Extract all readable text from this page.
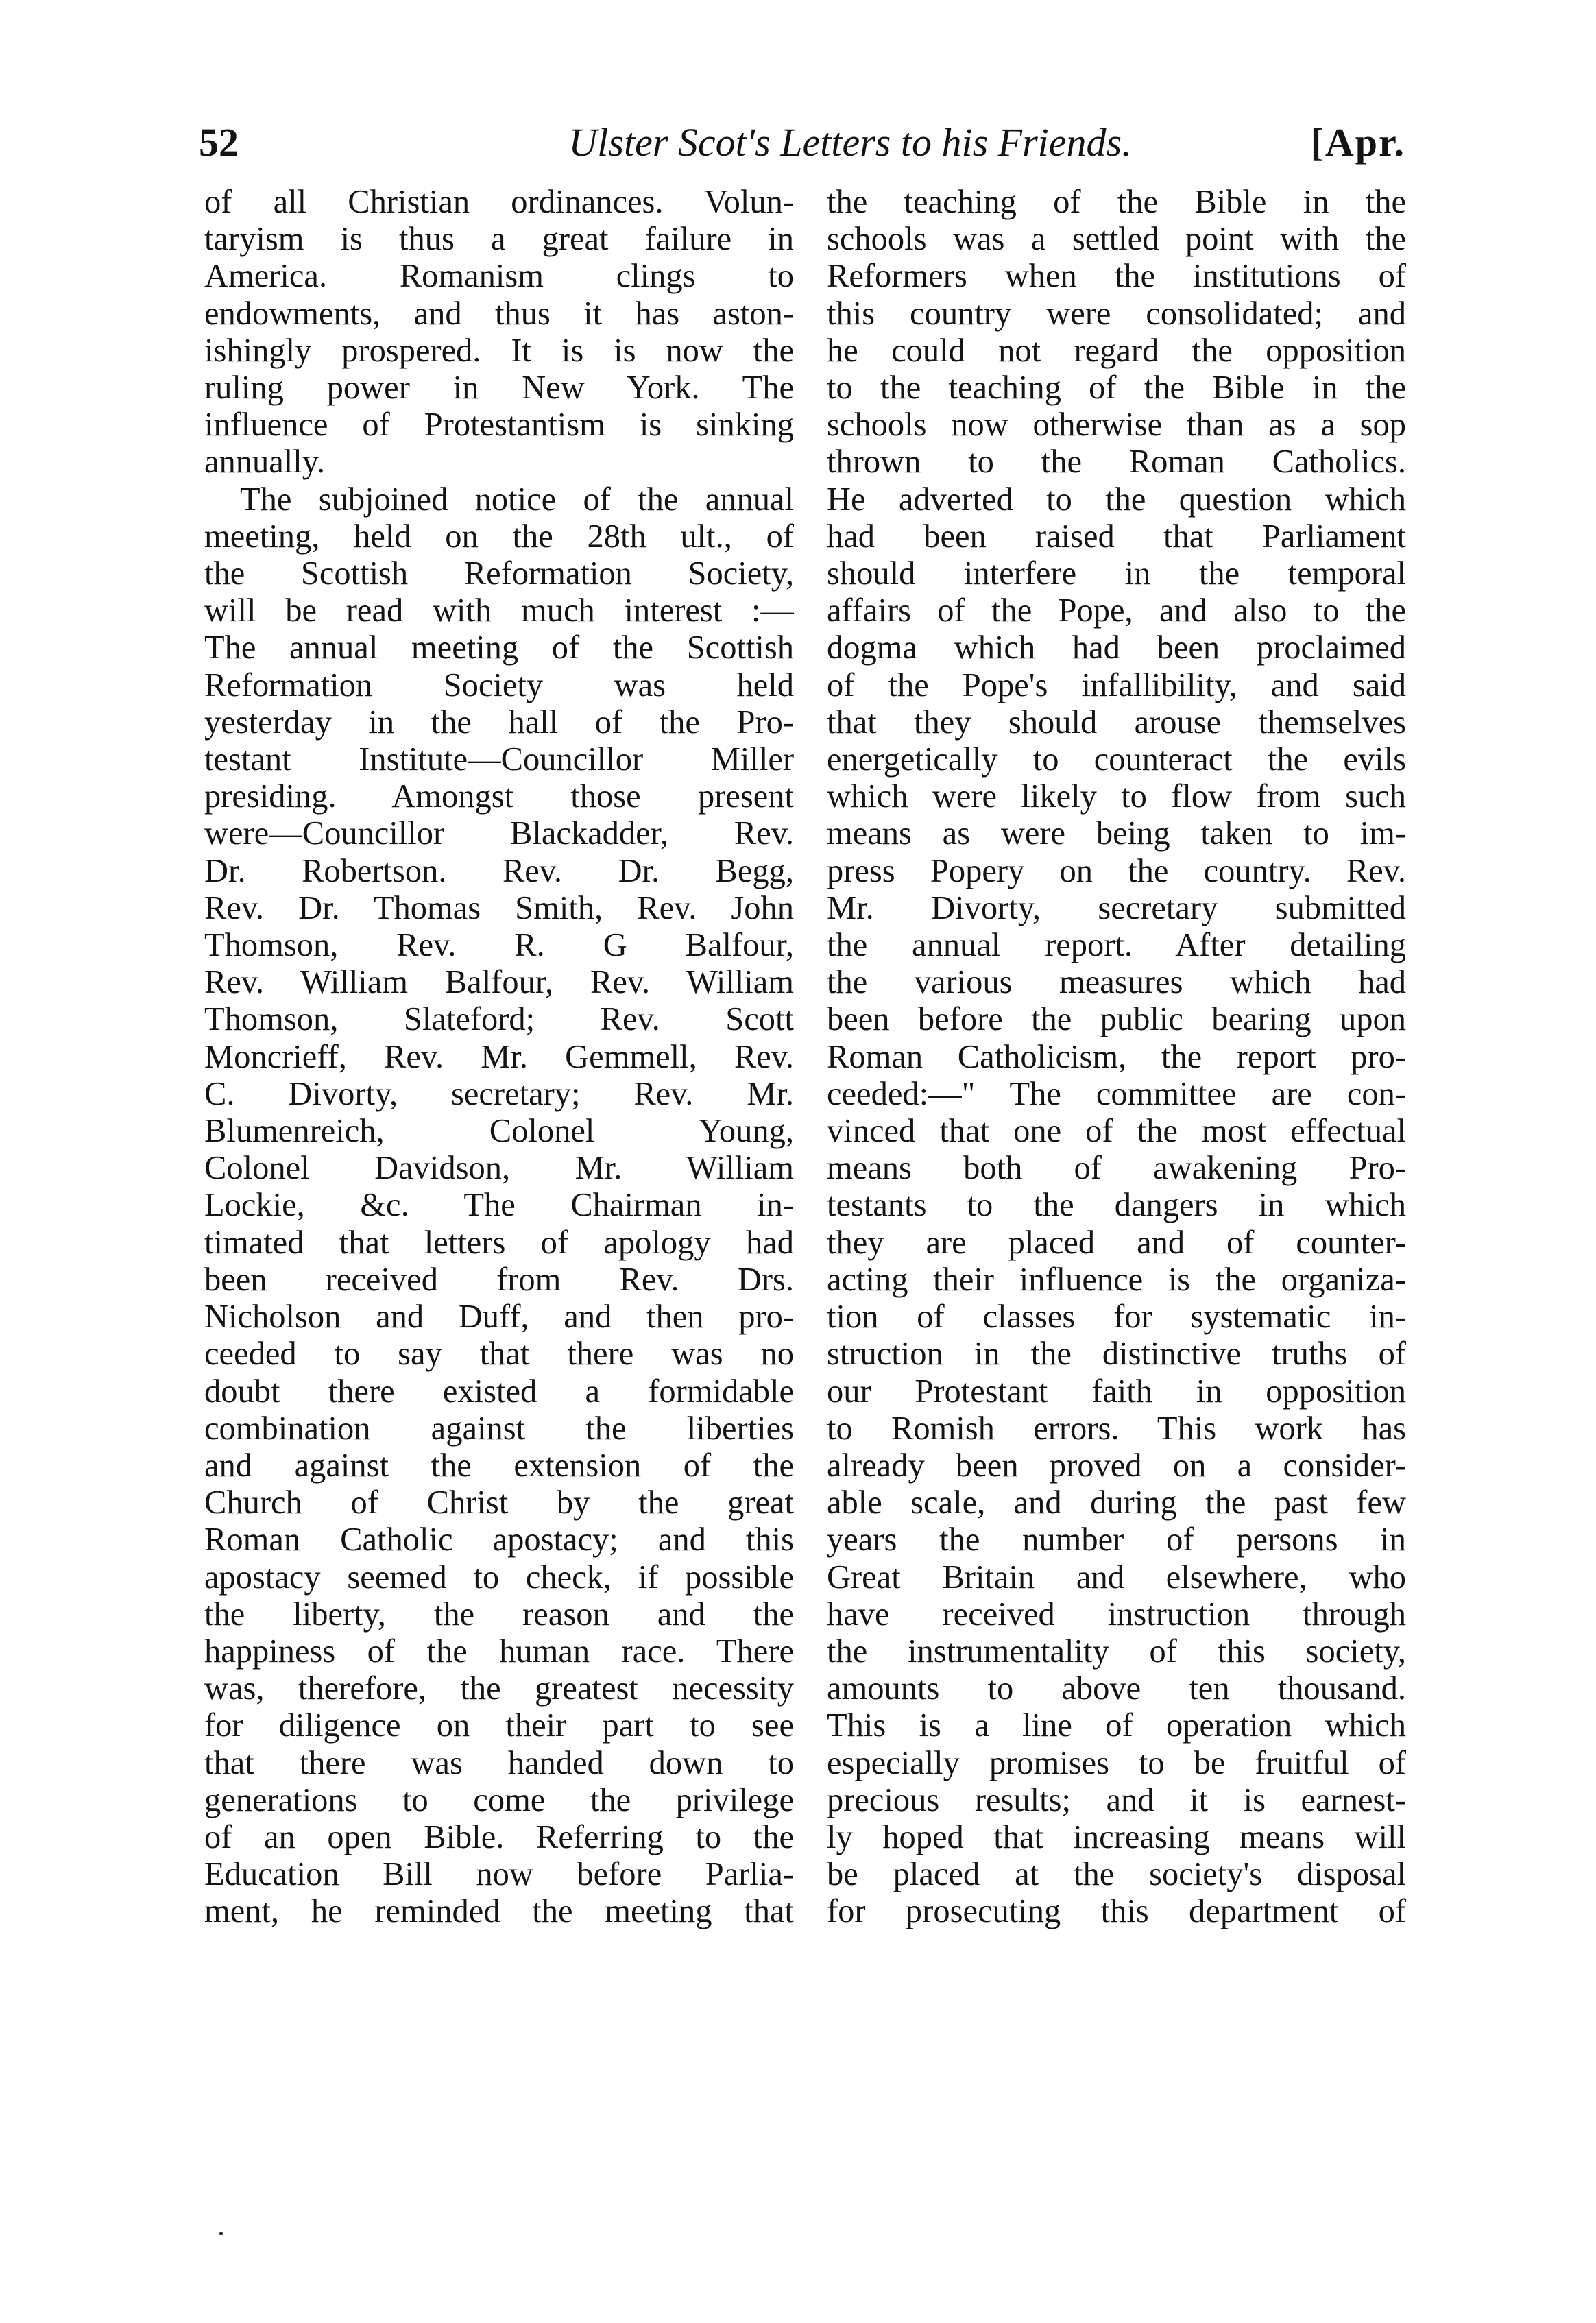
52	Ulster Scot's Letters to his Friends.	[Apr.
of all Christian ordinances. Volun-
taryism is thus a great failure in
America. Romanism clings to
endowments, and thus it has aston-
ishingly prospered. It is is now the
ruling power in New York. The
influence of Protestantism is sinking
annually.
The subjoined notice of the annual
meeting, held on the 28th ult., of
the Scottish Reformation Society,
will be read with much interest :—
The annual meeting of the Scottish
Reformation Society was held
yesterday in the hall of the Pro-
testant Institute—Councillor Miller
presiding. Amongst those present
were—Councillor Blackadder, Rev.
Dr. Robertson. Rev. Dr. Begg,
Rev. Dr. Thomas Smith, Rev. John
Thomson, Rev. R. G Balfour,
Rev. William Balfour, Rev. William
Thomson, Slateford; Rev. Scott
Moncrieff, Rev. Mr. Gemmell, Rev.
C. Divorty, secretary; Rev. Mr.
Blumenreich, Colonel Young,
Colonel Davidson, Mr. William
Lockie, &c. The Chairman in-
timated that letters of apology had
been received from Rev. Drs.
Nicholson and Duff, and then pro-
ceeded to say that there was no
doubt there existed a formidable
combination against the liberties
and against the extension of the
Church of Christ by the great
Roman Catholic apostacy; and this
apostacy seemed to check, if possible
the liberty, the reason and the
happiness of the human race. There
was, therefore, the greatest necessity
for diligence on their part to see
that there was handed down to
generations to come the privilege
of an open Bible. Referring to the
Education Bill now before Parlia-
ment, he reminded the meeting that
the teaching of the Bible in the
schools was a settled point with the
Reformers when the institutions of
this country were consolidated; and
he could not regard the opposition
to the teaching of the Bible in the
schools now otherwise than as a sop
thrown to the Roman Catholics.
He adverted to the question which
had been raised that Parliament
should interfere in the temporal
affairs of the Pope, and also to the
dogma which had been proclaimed
of the Pope's infallibility, and said
that they should arouse themselves
energetically to counteract the evils
which were likely to flow from such
means as were being taken to im-
press Popery on the country. Rev.
Mr. Divorty, secretary submitted
the annual report. After detailing
the various measures which had
been before the public bearing upon
Roman Catholicism, the report pro-
ceeded:—" The committee are con-
vinced that one of the most effectual
means both of awakening Pro-
testants to the dangers in which
they are placed and of counter-
acting their influence is the organiza-
tion of classes for systematic in-
struction in the distinctive truths of
our Protestant faith in opposition
to Romish errors. This work has
already been proved on a consider-
able scale, and during the past few
years the number of persons in
Great Britain and elsewhere, who
have received instruction through
the instrumentality of this society,
amounts to above ten thousand.
This is a line of operation which
especially promises to be fruitful of
precious results; and it is earnest-
ly hoped that increasing means will
be placed at the society's disposal
for prosecuting this department of
